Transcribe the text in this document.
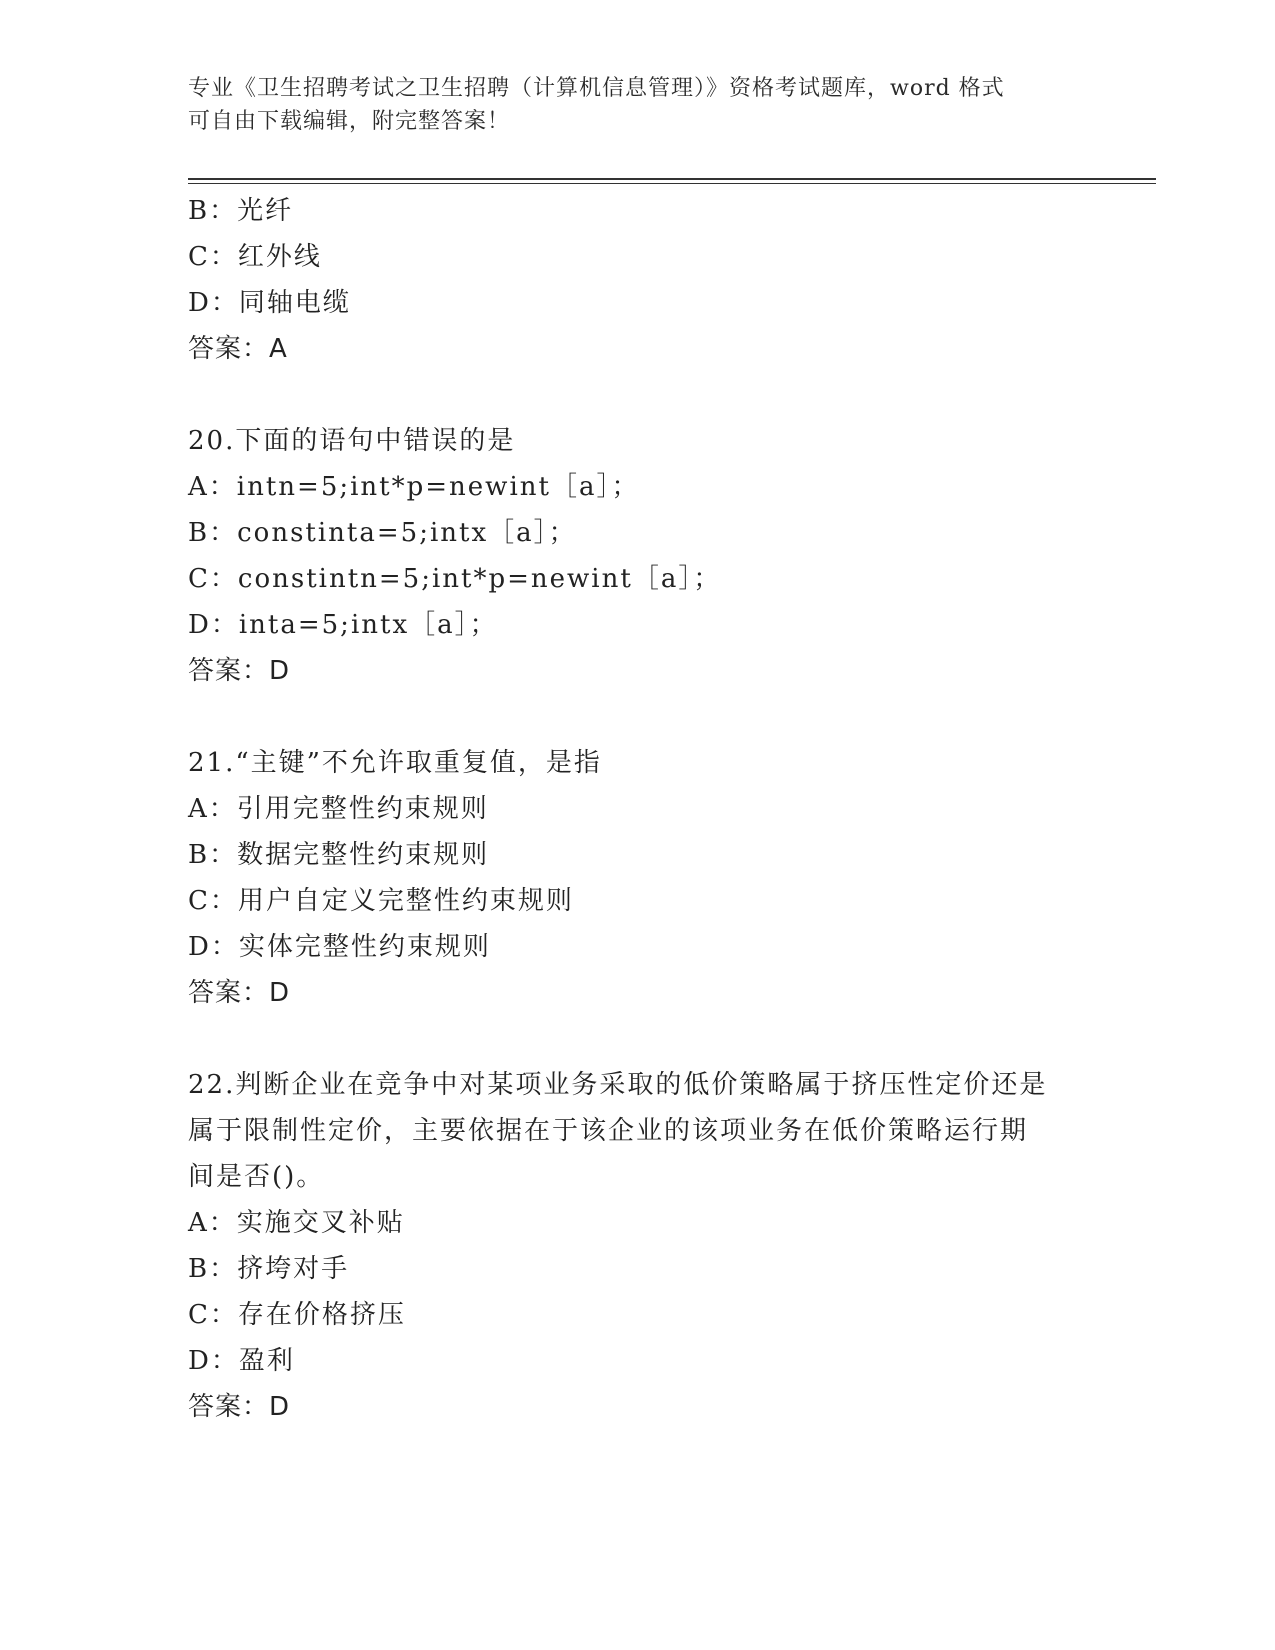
专业《卫生招聘考试之卫生招聘（计算机信息管理）》资格考试题库，word 格式
可自由下载编辑，附完整答案！
B：光纤
C：红外线
D：同轴电缆
答案：A
20.下面的语句中错误的是
A：intn=5;int*p=newint［a］；
B：constinta=5;intx［a］；
C：constintn=5;int*p=newint［a］；
D：inta=5;intx［a］；
答案：D
21.“主键”不允许取重复值，是指
A：引用完整性约束规则
B：数据完整性约束规则
C：用户自定义完整性约束规则
D：实体完整性约束规则
答案：D
22.判断企业在竞争中对某项业务采取的低价策略属于挤压性定价还是
属于限制性定价，主要依据在于该企业的该项业务在低价策略运行期
间是否()。
A：实施交叉补贴
B：挤垮对手
C：存在价格挤压
D：盈利
答案：D
